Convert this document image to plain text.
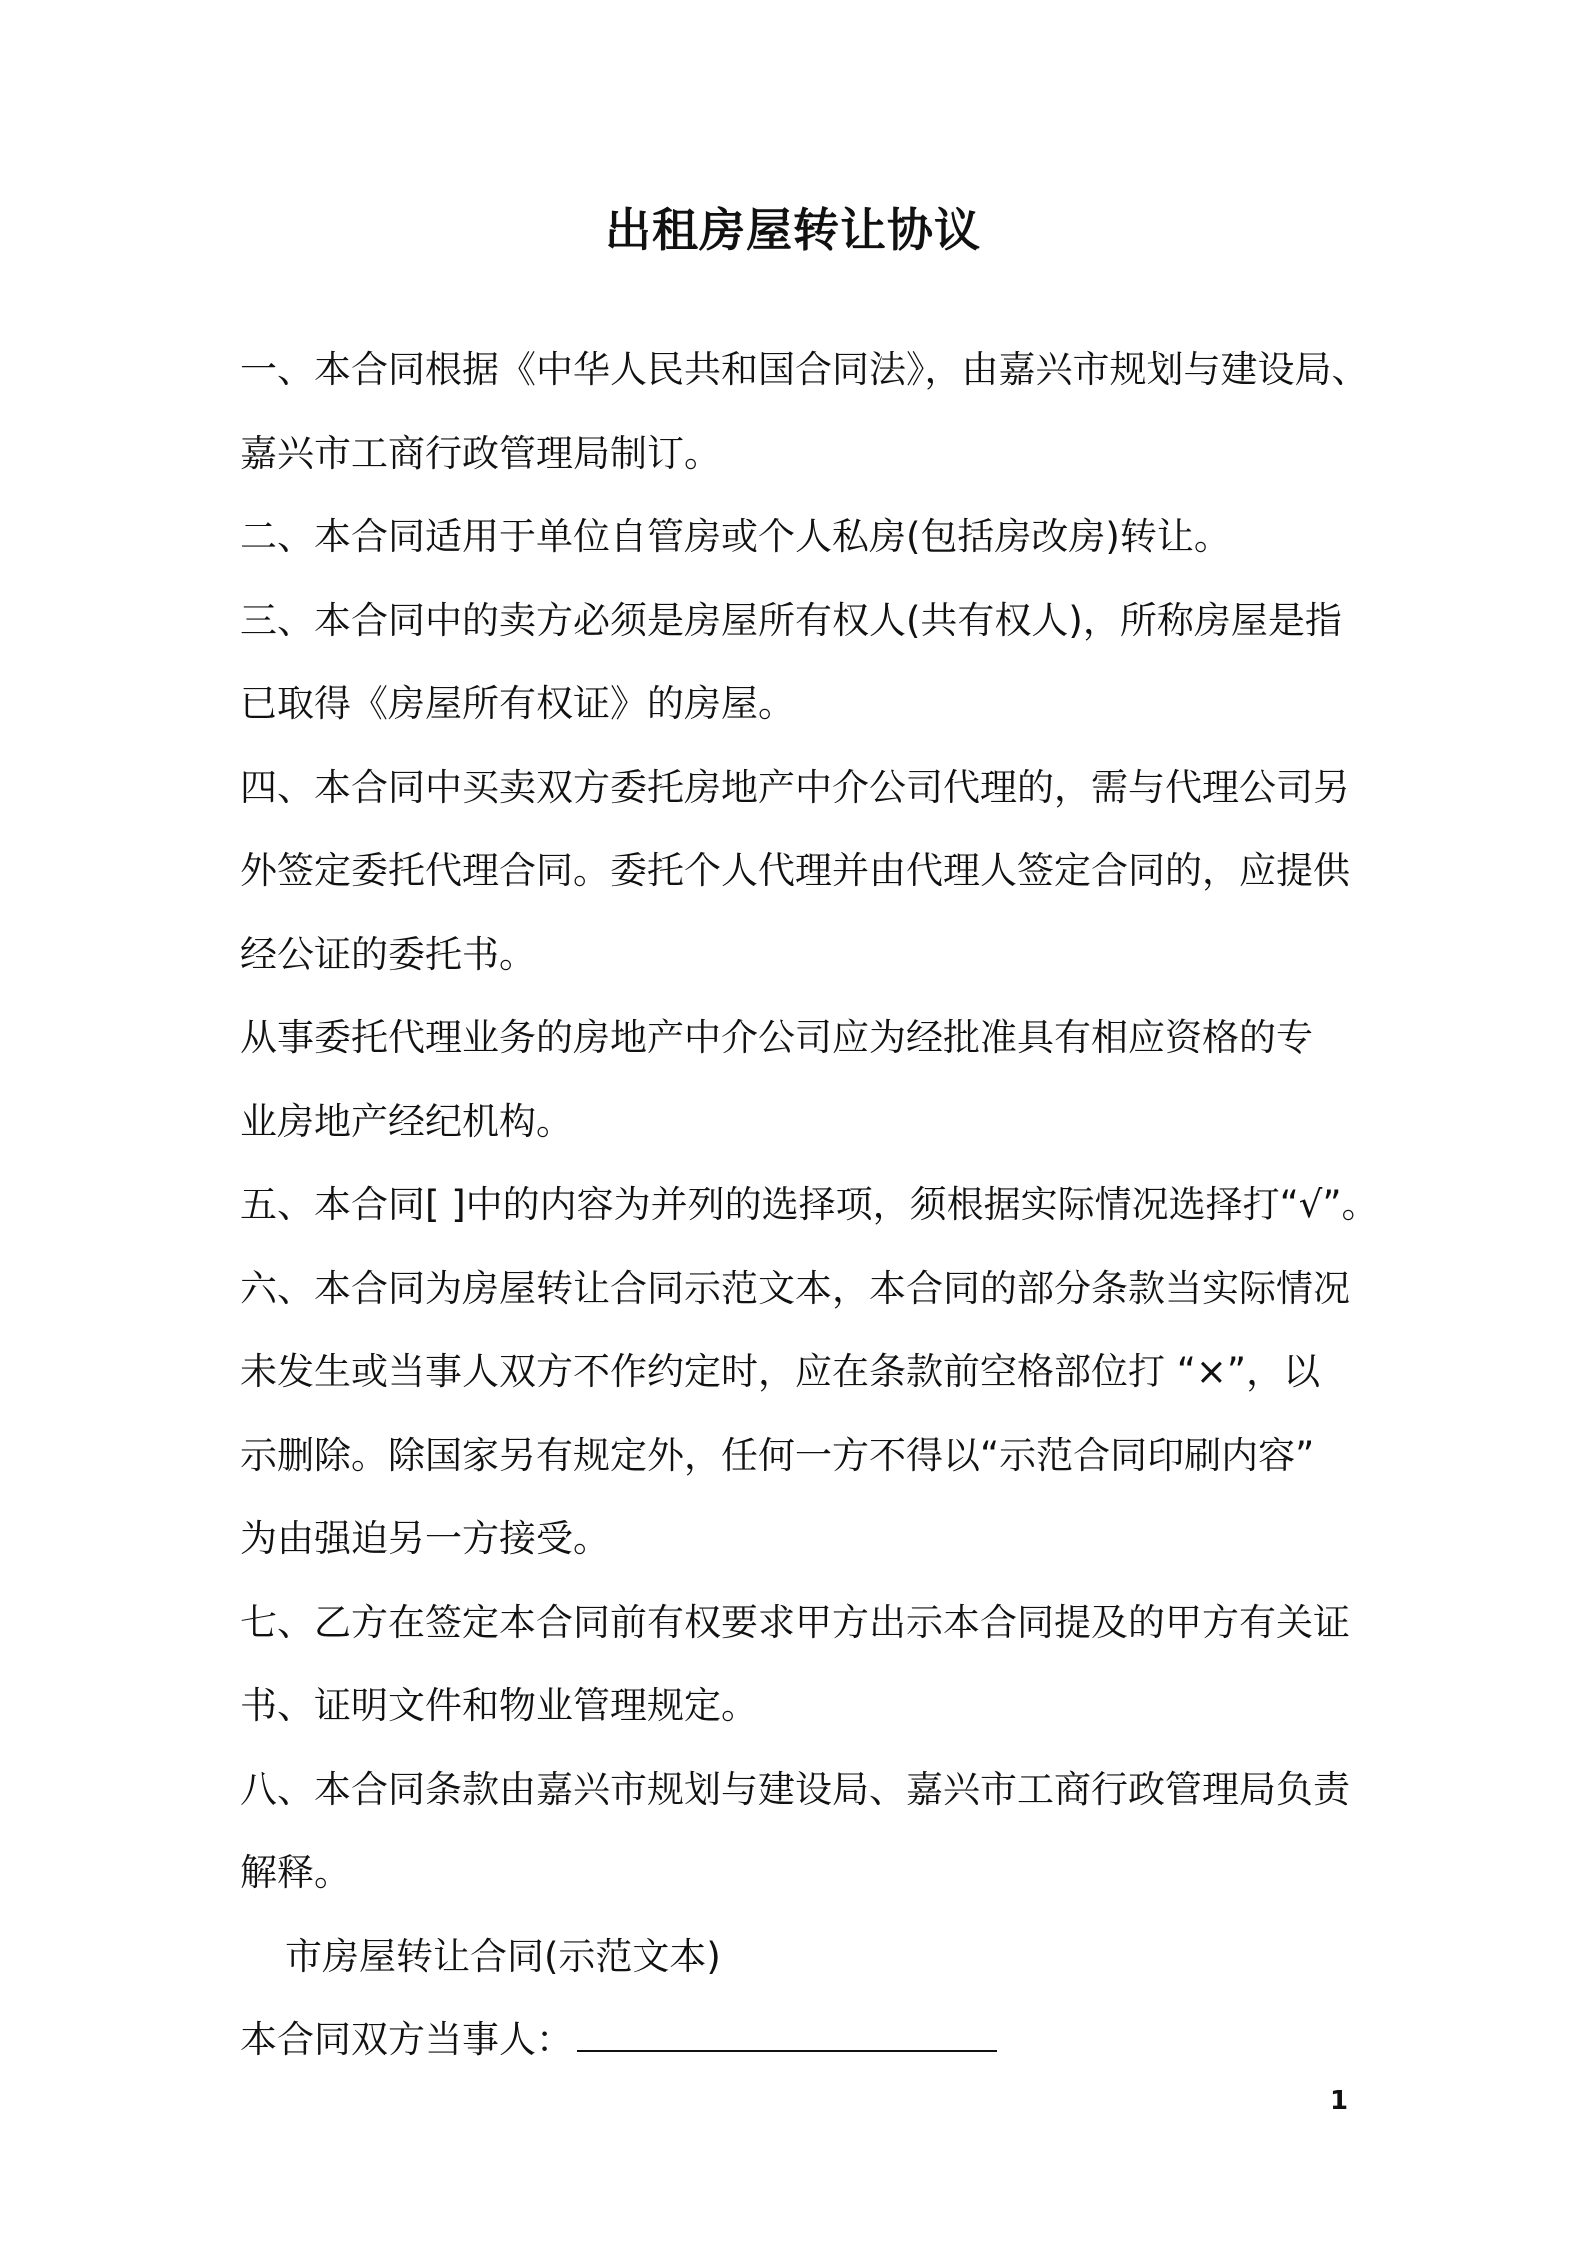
出租房屋转让协议
一、本合同根据《中华人民共和国合同法》，由嘉兴市规划与建设局、
嘉兴市工商行政管理局制订。
二、本合同适用于单位自管房或个人私房(包括房改房)转让。
三、本合同中的卖方必须是房屋所有权人(共有权人)，所称房屋是指
已取得《房屋所有权证》的房屋。
四、本合同中买卖双方委托房地产中介公司代理的，需与代理公司另
外签定委托代理合同。委托个人代理并由代理人签定合同的，应提供
经公证的委托书。
从事委托代理业务的房地产中介公司应为经批准具有相应资格的专
业房地产经纪机构。
五、本合同[ ]中的内容为并列的选择项，须根据实际情况选择打“√”。
六、本合同为房屋转让合同示范文本，本合同的部分条款当实际情况
未发生或当事人双方不作约定时，应在条款前空格部位打 “×”，以
示删除。除国家另有规定外，任何一方不得以“示范合同印刷内容”
为由强迫另一方接受。
七、乙方在签定本合同前有权要求甲方出示本合同提及的甲方有关证
书、证明文件和物业管理规定。
八、本合同条款由嘉兴市规划与建设局、嘉兴市工商行政管理局负责
解释。
市房屋转让合同(示范文本)
本合同双方当事人：
1
